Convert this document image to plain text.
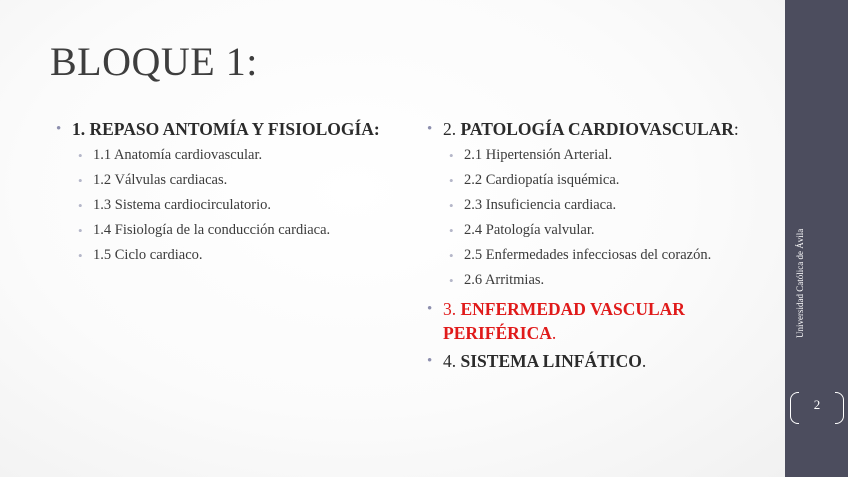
BLOQUE 1:
• 1. REPASO ANTOMÍA Y FISIOLOGÍA:
• 1.1 Anatomía cardiovascular.
• 1.2 Válvulas cardiacas.
• 1.3 Sistema cardiocirculatorio.
• 1.4 Fisiología de la conducción cardiaca.
• 1.5 Ciclo cardiaco.
• 2. PATOLOGÍA CARDIOVASCULAR:
• 2.1 Hipertensión Arterial.
• 2.2 Cardiopatía isquémica.
• 2.3 Insuficiencia cardiaca.
• 2.4 Patología valvular.
• 2.5 Enfermedades infecciosas del corazón.
• 2.6 Arritmias.
• 3. ENFERMEDAD VASCULAR
PERIFÉRICA.
• 4. SISTEMA LINFÁTICO.
Universidad Católica de Ávila
2
